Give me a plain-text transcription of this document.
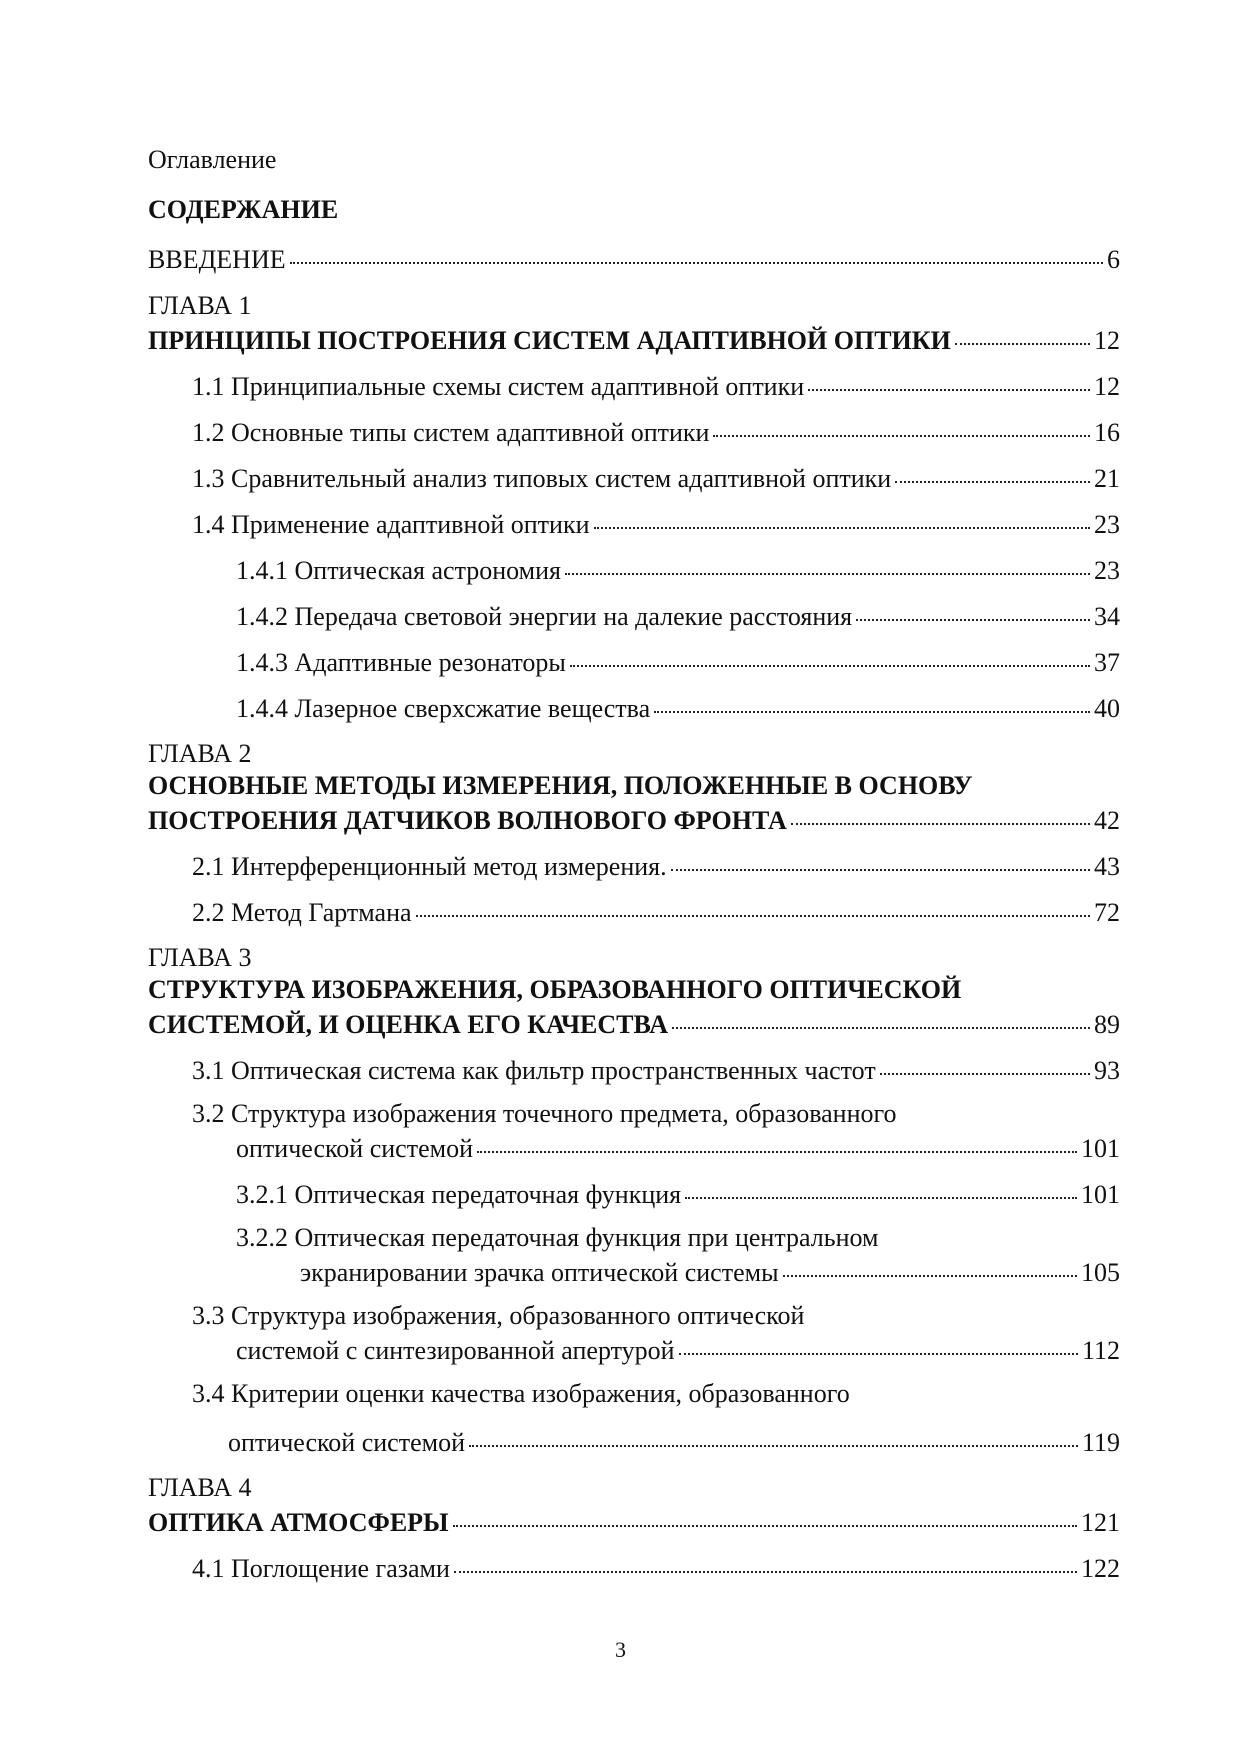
Оглавление
СОДЕРЖАНИЕ
ВВЕДЕНИЕ	6
ГЛАВА 1
ПРИНЦИПЫ ПОСТРОЕНИЯ СИСТЕМ АДАПТИВНОЙ ОПТИКИ	12
1.1 Принципиальные схемы систем адаптивной оптики	12
1.2 Основные типы систем адаптивной оптики	16
1.3 Сравнительный анализ типовых систем адаптивной оптики	21
1.4 Применение адаптивной оптики	23
1.4.1 Оптическая астрономия	23
1.4.2 Передача световой энергии на далекие расстояния	34
1.4.3 Адаптивные резонаторы	37
1.4.4 Лазерное сверхсжатие вещества	40
ГЛАВА 2
ОСНОВНЫЕ МЕТОДЫ ИЗМЕРЕНИЯ, ПОЛОЖЕННЫЕ В ОСНОВУ
ПОСТРОЕНИЯ ДАТЧИКОВ ВОЛНОВОГО ФРОНТА	42
2.1 Интерференционный метод измерения.	43
2.2 Метод Гартмана	72
ГЛАВА 3
СТРУКТУРА ИЗОБРАЖЕНИЯ, ОБРАЗОВАННОГО ОПТИЧЕСКОЙ
СИСТЕМОЙ, И ОЦЕНКА ЕГО КАЧЕСТВА	89
3.1 Оптическая система как фильтр пространственных частот	93
3.2 Структура изображения точечного предмета, образованного
оптической системой	101
3.2.1 Оптическая передаточная функция	101
3.2.2 Оптическая передаточная функция при центральном
экранировании зрачка оптической системы	105
3.3 Структура изображения, образованного оптической
системой с синтезированной апертурой	112
3.4 Критерии оценки качества изображения, образованного
оптической системой	119
ГЛАВА 4
ОПТИКА АТМОСФЕРЫ	121
4.1 Поглощение газами	122
3
